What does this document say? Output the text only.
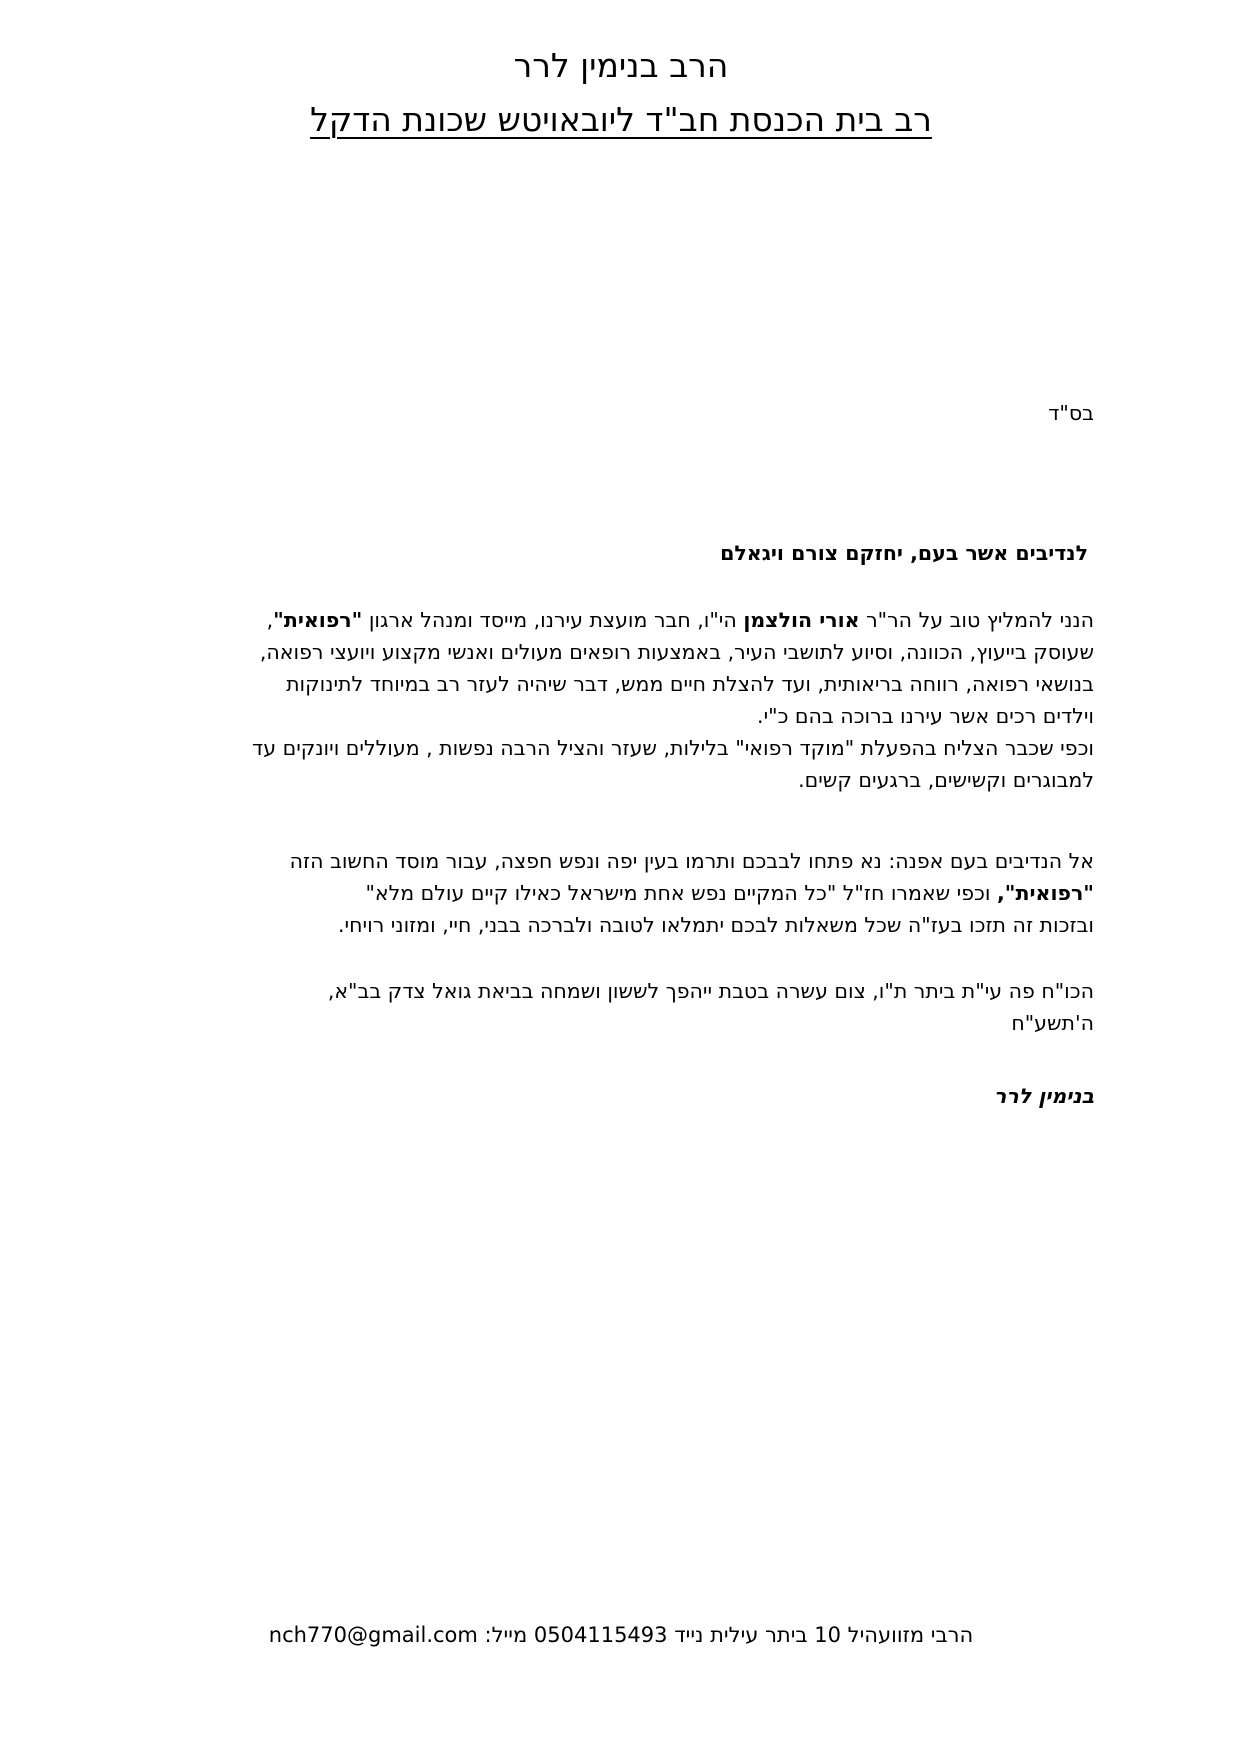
הרב בנימין לרר
רב בית הכנסת חב"ד ליובאויטש שכונת הדקל
בס"ד
לנדיבים אשר בעם, יחזקם צורם ויגאלם
הנני להמליץ טוב על הר"ר אורי הולצמן הי"ו, חבר מועצת עירנו, מייסד ומנהל ארגון "רפואית",
שעוסק בייעוץ, הכוונה, וסיוע לתושבי העיר, באמצעות רופאים מעולים ואנשי מקצוע ויועצי רפואה,
בנושאי רפואה, רווחה בריאותית, ועד להצלת חיים ממש, דבר שיהיה לעזר רב במיוחד לתינוקות
וילדים רכים אשר עירנו ברוכה בהם כ"י.
וכפי שכבר הצליח בהפעלת "מוקד רפואי" בלילות, שעזר והציל הרבה נפשות , מעוללים ויונקים עד
למבוגרים וקשישים, ברגעים קשים.
אל הנדיבים בעם אפנה: נא פתחו לבבכם ותרמו בעין יפה ונפש חפצה, עבור מוסד החשוב הזה
"רפואית", וכפי שאמרו חז"ל "כל המקיים נפש אחת מישראל כאילו קיים עולם מלא"
ובזכות זה תזכו בעז"ה שכל משאלות לבכם יתמלאו לטובה ולברכה בבני, חיי, ומזוני רויחי.
הכו"ח פה עי"ת ביתר ת"ו, צום עשרה בטבת ייהפך לששון ושמחה בביאת גואל צדק בב"א,
ה'תשע"ח
בנימין לרר
הרבי מזוועהיל 10 ביתר עילית נייד 0504115493 מייל: nch770@gmail.com
